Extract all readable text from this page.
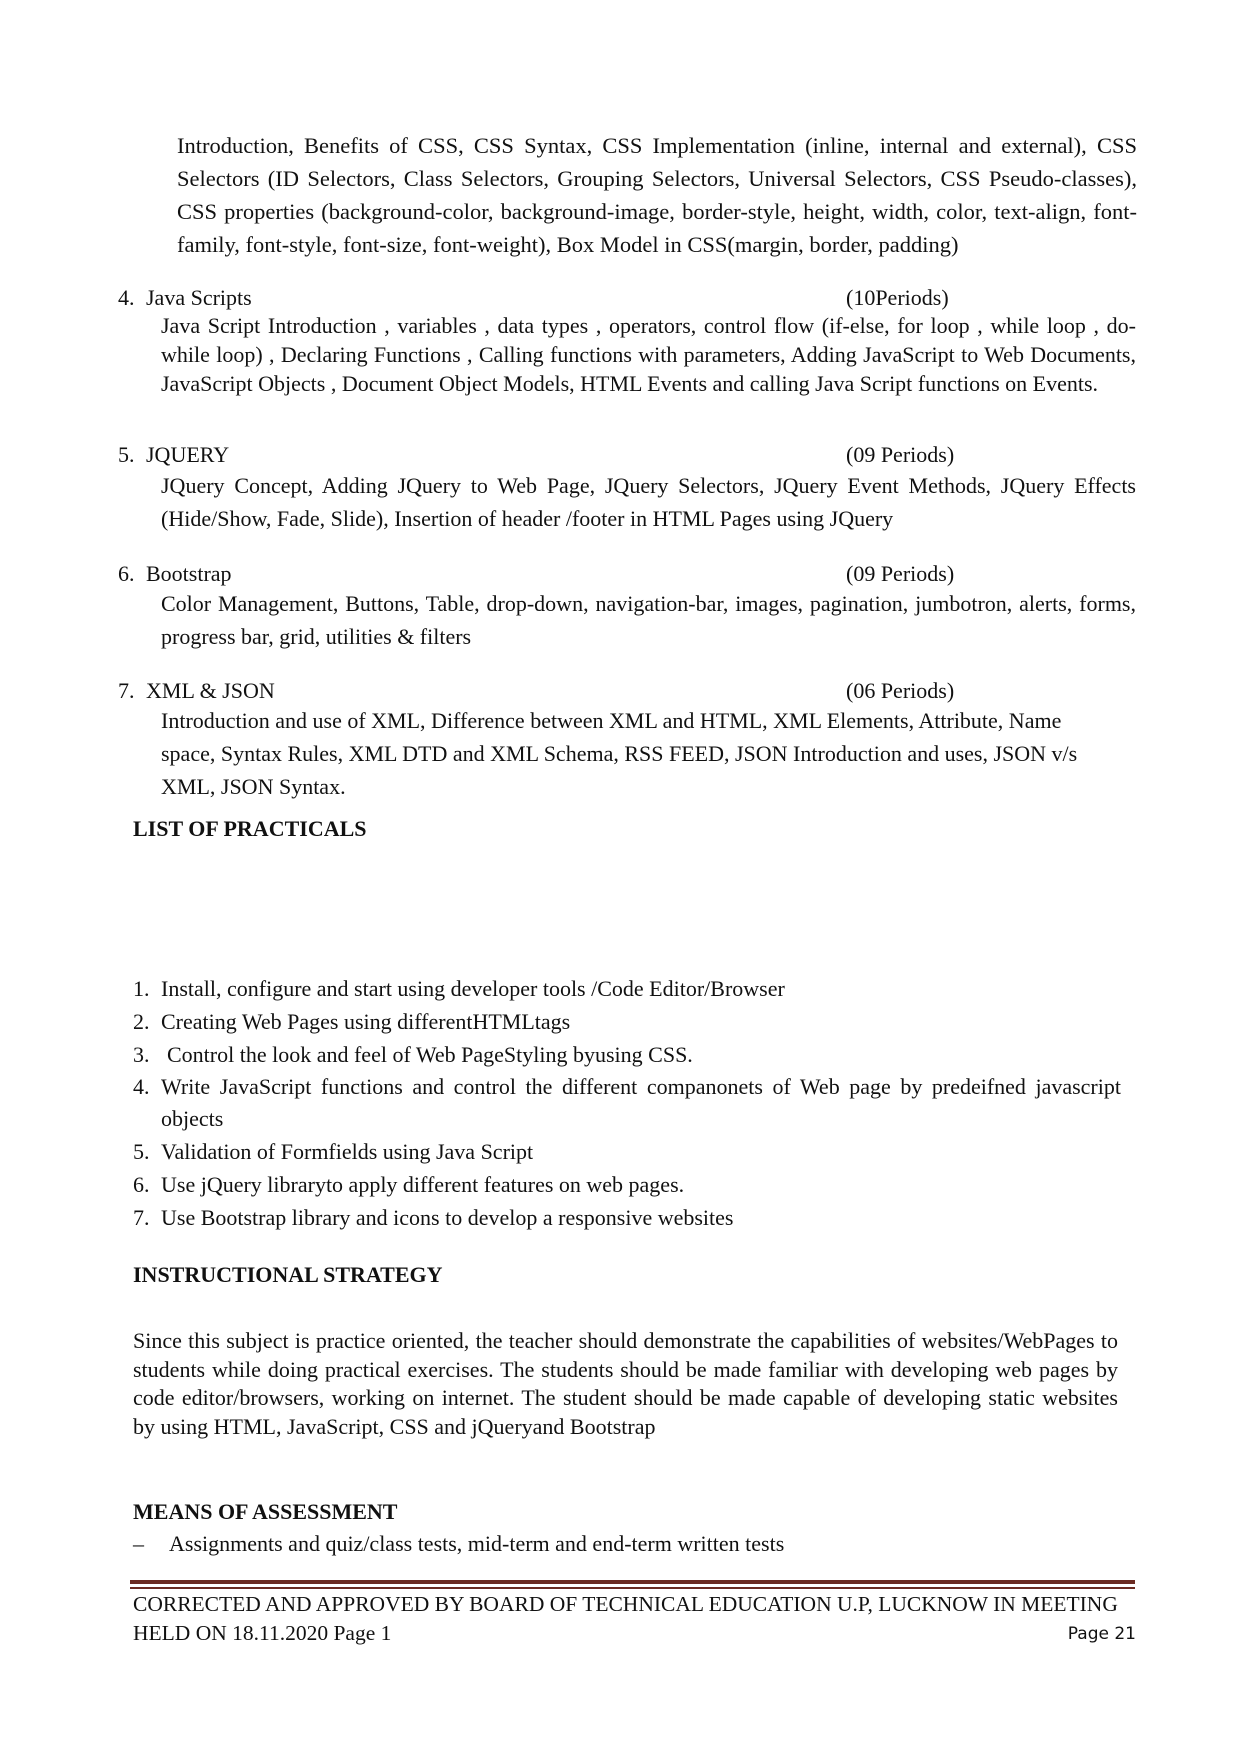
Introduction, Benefits of CSS, CSS Syntax, CSS Implementation (inline, internal and external), CSS Selectors (ID Selectors, Class Selectors, Grouping Selectors, Universal Selectors, CSS Pseudo-classes), CSS properties (background-color, background-image, border-style, height, width, color, text-align, font-family, font-style, font-size, font-weight), Box Model in CSS(margin, border, padding)
4. Java Scripts	(10Periods)
Java Script Introduction , variables , data types , operators, control flow (if-else, for loop , while loop , do-while loop) , Declaring Functions , Calling functions with parameters, Adding JavaScript to Web Documents, JavaScript Objects , Document Object Models, HTML Events and calling Java Script functions on Events.
5. JQUERY	(09 Periods)
JQuery Concept, Adding JQuery to Web Page, JQuery Selectors, JQuery Event Methods, JQuery Effects (Hide/Show, Fade, Slide), Insertion of header /footer in HTML Pages using JQuery
6. Bootstrap	(09 Periods)
Color Management, Buttons, Table, drop-down, navigation-bar, images, pagination, jumbotron, alerts, forms, progress bar, grid, utilities & filters
7. XML & JSON	(06 Periods)
Introduction and use of XML, Difference between XML and HTML, XML Elements, Attribute, Name space, Syntax Rules, XML DTD and XML Schema, RSS FEED, JSON Introduction and uses, JSON v/s XML, JSON Syntax.
LIST OF PRACTICALS
1. Install, configure and start using developer tools /Code Editor/Browser
2. Creating Web Pages using differentHTMLtags
3. Control the look and feel of Web PageStyling byusing CSS.
4. Write JavaScript functions and control the different companonets of Web page by predeifned javascript objects
5. Validation of Formfields using Java Script
6. Use jQuery libraryto apply different features on web pages.
7. Use Bootstrap library and icons to develop a responsive websites
INSTRUCTIONAL STRATEGY
Since this subject is practice oriented, the teacher should demonstrate the capabilities of websites/WebPages to students while doing practical exercises. The students should be made familiar with developing web pages by code editor/browsers, working on internet. The student should be made capable of developing static websites by using HTML, JavaScript, CSS and jQueryand Bootstrap
MEANS OF ASSESSMENT
– Assignments and quiz/class tests, mid-term and end-term written tests
CORRECTED AND APPROVED BY BOARD OF TECHNICAL EDUCATION U.P, LUCKNOW IN MEETING HELD ON 18.11.2020 Page 1	Page 21
